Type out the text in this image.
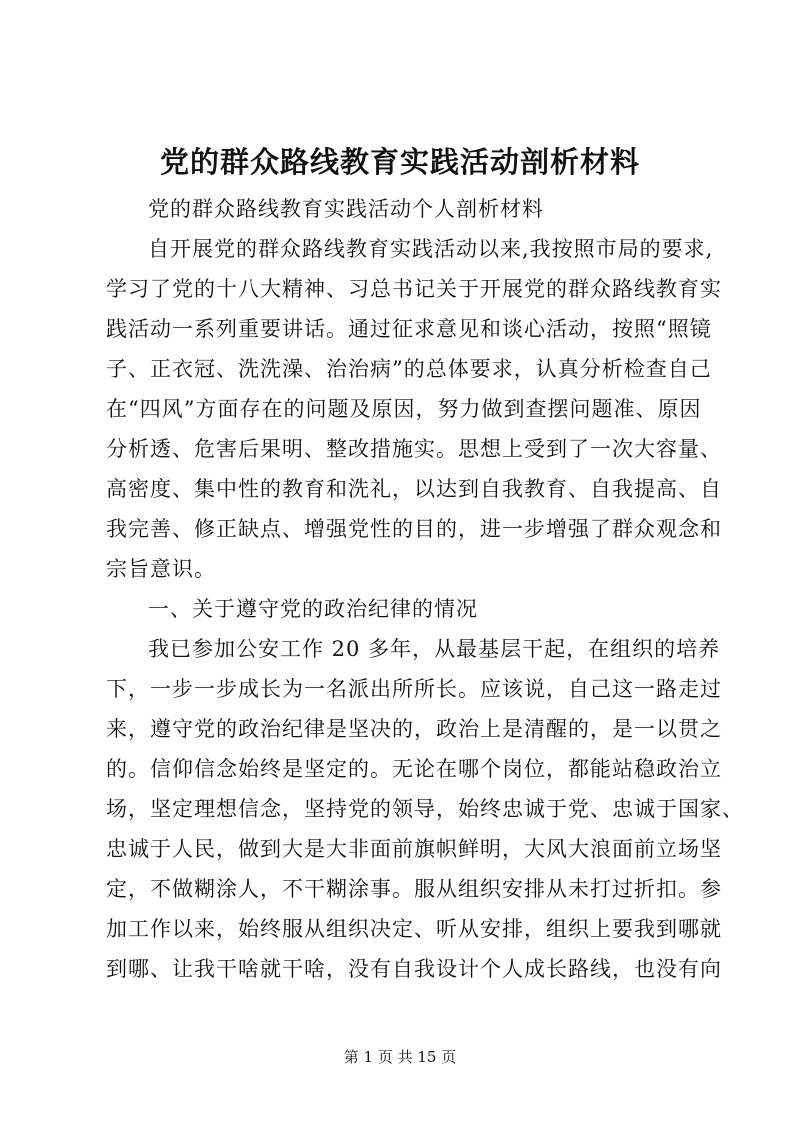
党的群众路线教育实践活动剖析材料

党的群众路线教育实践活动个人剖析材料

自开展党的群众路线教育实践活动以来,我按照市局的要求,

学习了党的十八大精神、习总书记关于开展党的群众路线教育实

践活动一系列重要讲话。通过征求意见和谈心活动，按照“照镜

子、正衣冠、洗洗澡、治治病”的总体要求，认真分析检查自己

在“四风”方面存在的问题及原因，努力做到查摆问题准、原因

分析透、危害后果明、整改措施实。思想上受到了一次大容量、

高密度、集中性的教育和洗礼，以达到自我教育、自我提高、自

我完善、修正缺点、增强党性的目的，进一步增强了群众观念和

宗旨意识。

一、关于遵守党的政治纪律的情况

我已参加公安工作 20 多年，从最基层干起，在组织的培养

下，一步一步成长为一名派出所所长。应该说，自己这一路走过

来，遵守党的政治纪律是坚决的，政治上是清醒的，是一以贯之

的。信仰信念始终是坚定的。无论在哪个岗位，都能站稳政治立

场，坚定理想信念，坚持党的领导，始终忠诚于党、忠诚于国家、

忠诚于人民，做到大是大非面前旗帜鲜明，大风大浪面前立场坚

定，不做糊涂人，不干糊涂事。服从组织安排从未打过折扣。参

加工作以来，始终服从组织决定、听从安排，组织上要我到哪就

到哪、让我干啥就干啥，没有自我设计个人成长路线，也没有向

第 1 页 共 15 页
